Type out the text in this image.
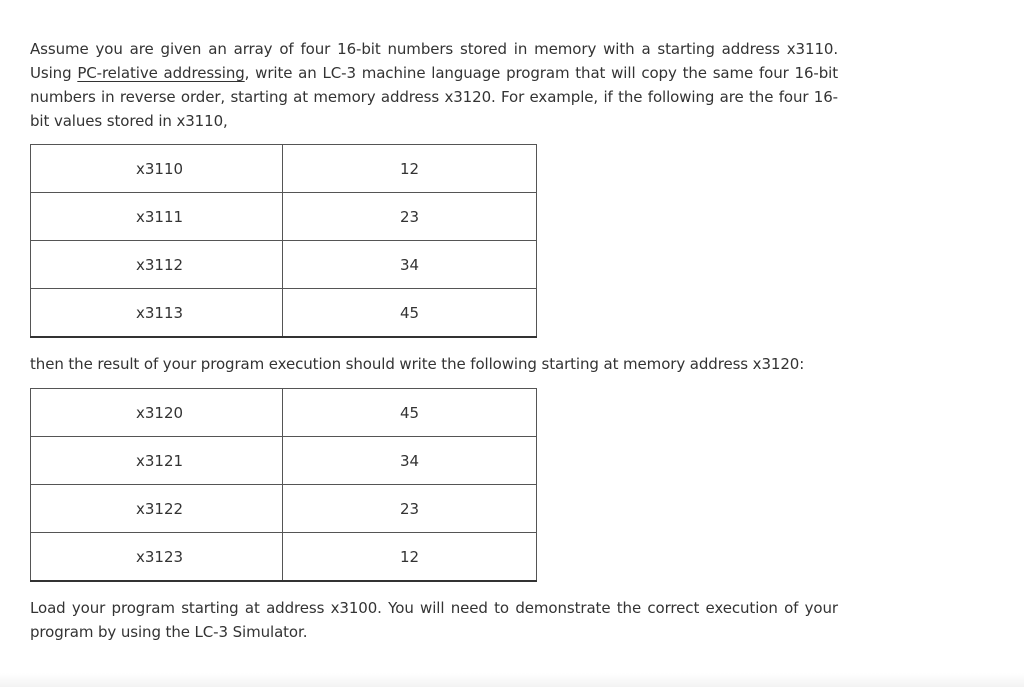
Assume you are given an array of four 16-bit numbers stored in memory with a starting address x3110. Using PC-relative addressing, write an LC-3 machine language program that will copy the same four 16-bit numbers in reverse order, starting at memory address x3120. For example, if the following are the four 16-bit values stored in x3110,

x3110	12
x3111	23
x3112	34
x3113	45

then the result of your program execution should write the following starting at memory address x3120:

x3120	45
x3121	34
x3122	23
x3123	12

Load your program starting at address x3100. You will need to demonstrate the correct execution of your program by using the LC-3 Simulator.
